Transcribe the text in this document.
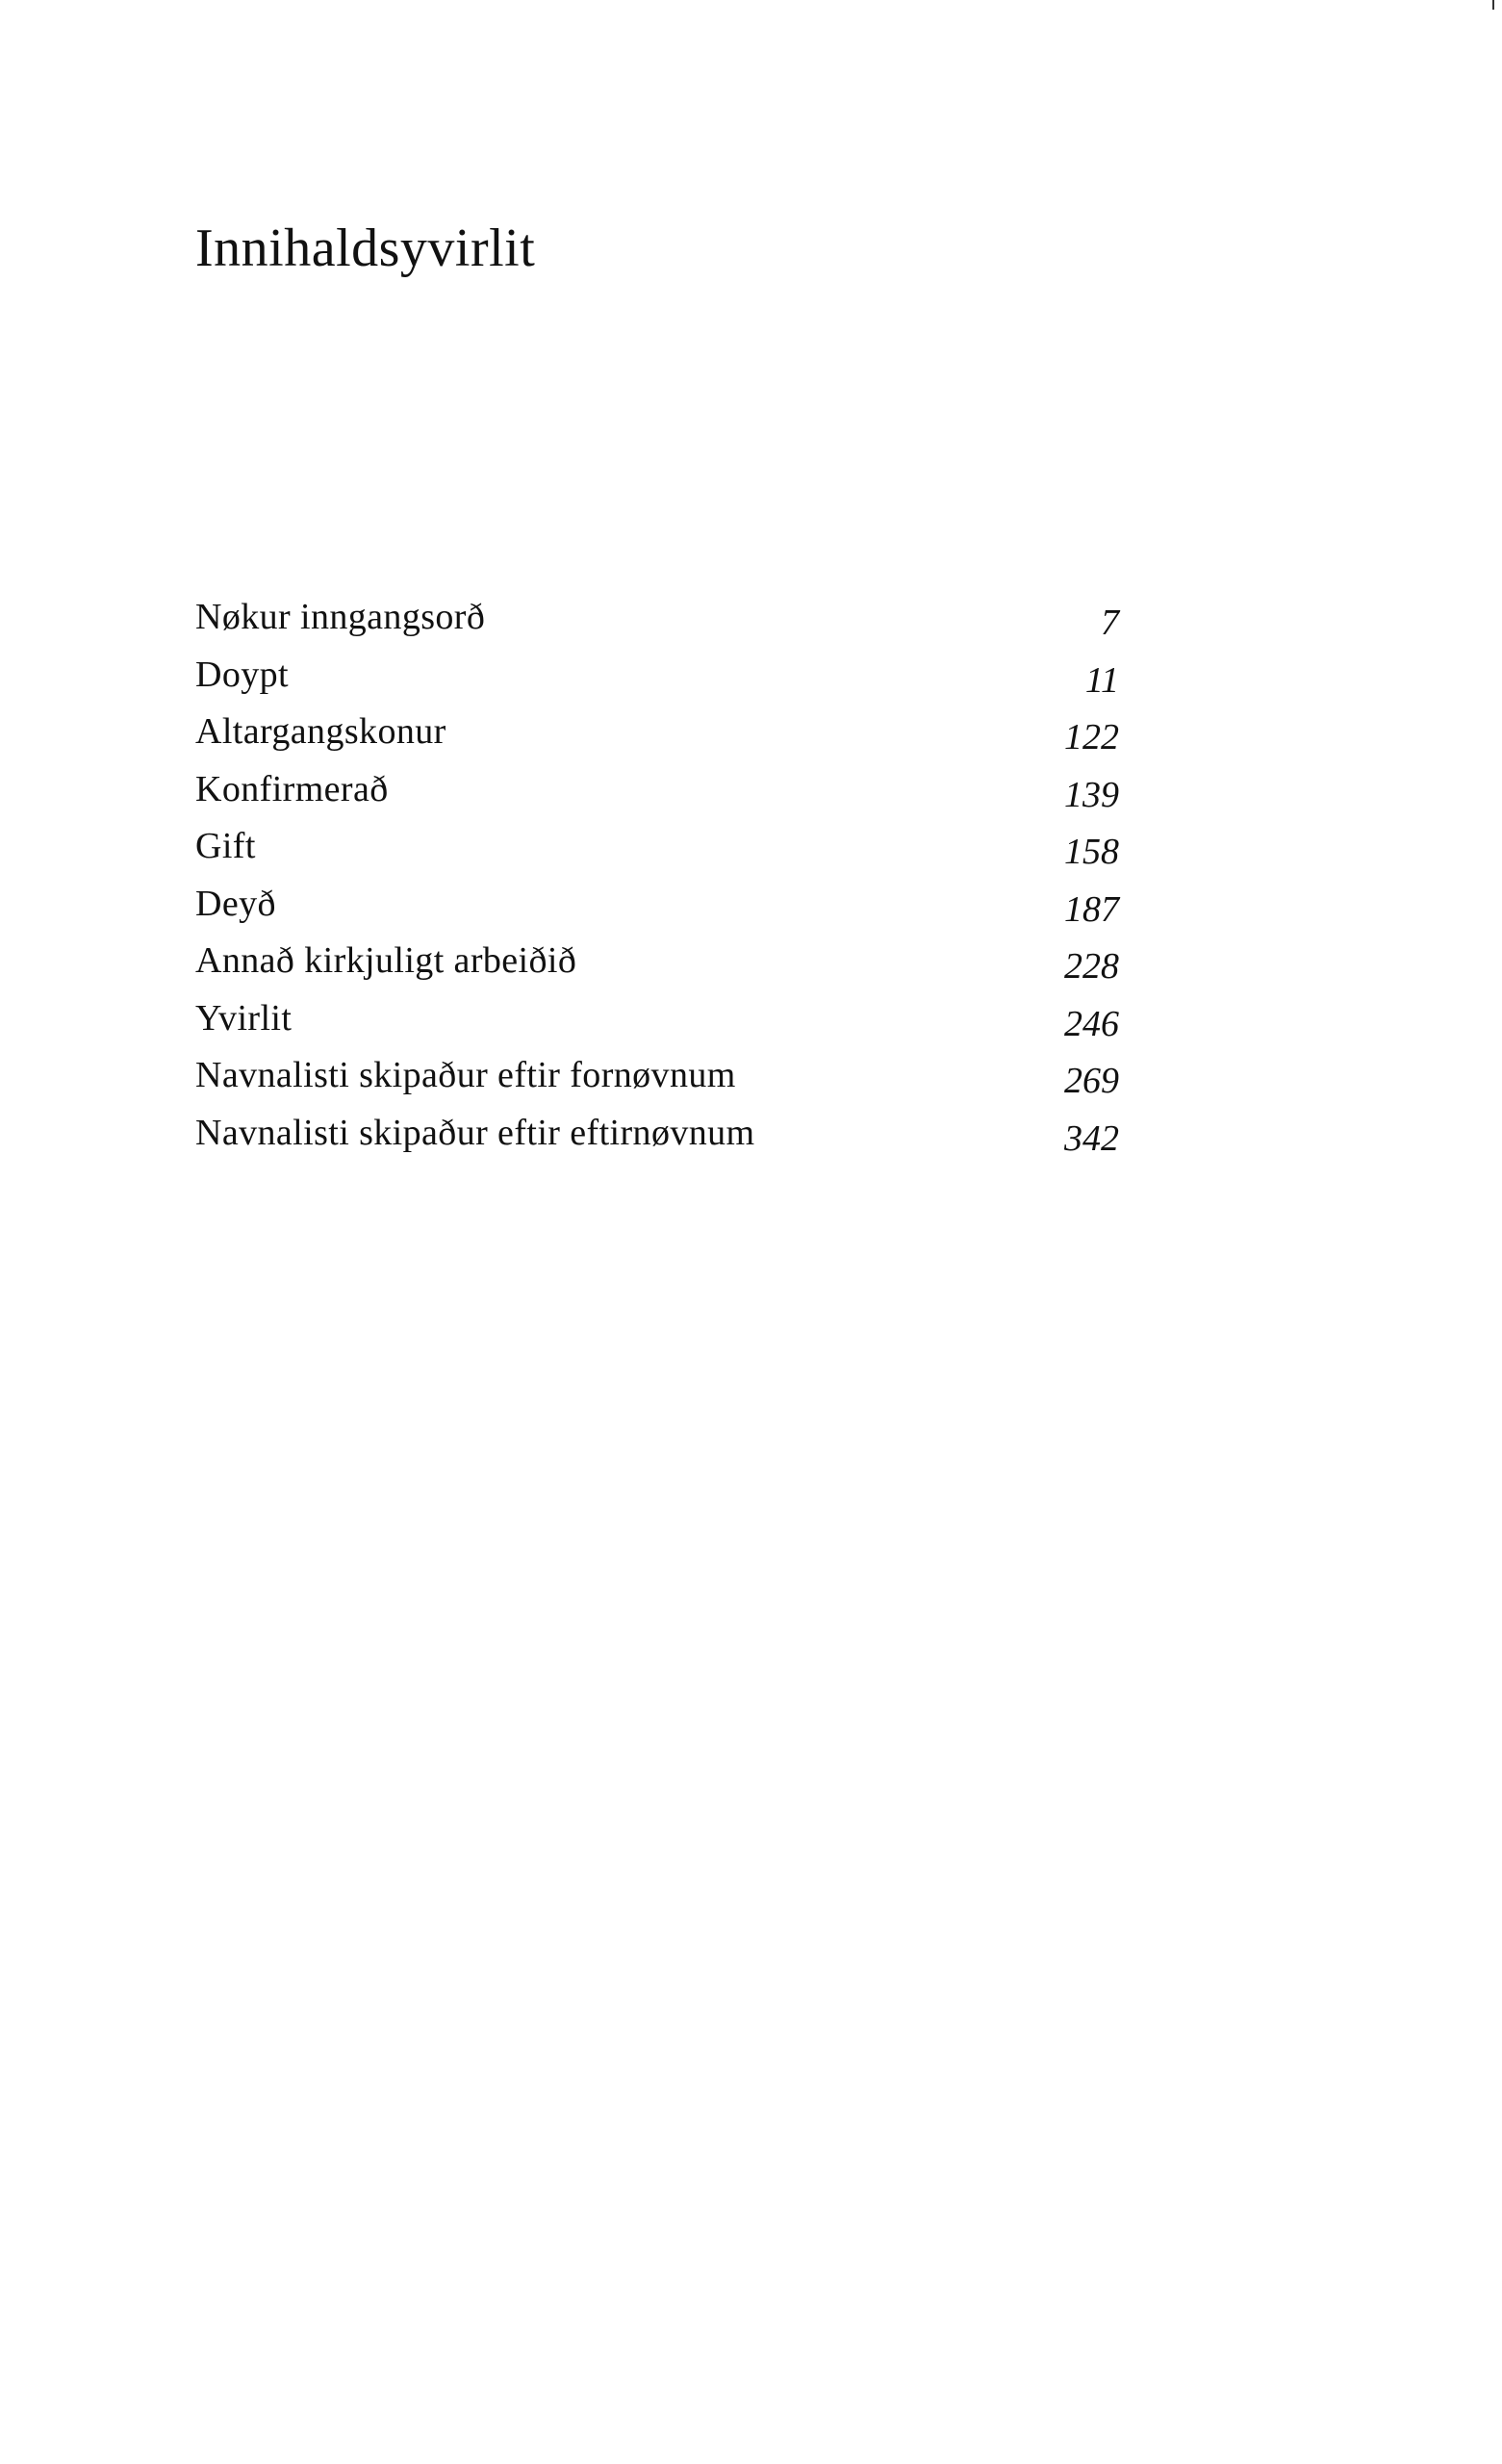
Innihaldsyvirlit
Nøkur inngangsorð	7
Doypt	11
Altargangskonur	122
Konfirmerað	139
Gift	158
Deyð	187
Annað kirkjuligt arbeiðið	228
Yvirlit	246
Navnalisti skipaður eftir fornøvnum	269
Navnalisti skipaður eftir eftirnøvnum	342
